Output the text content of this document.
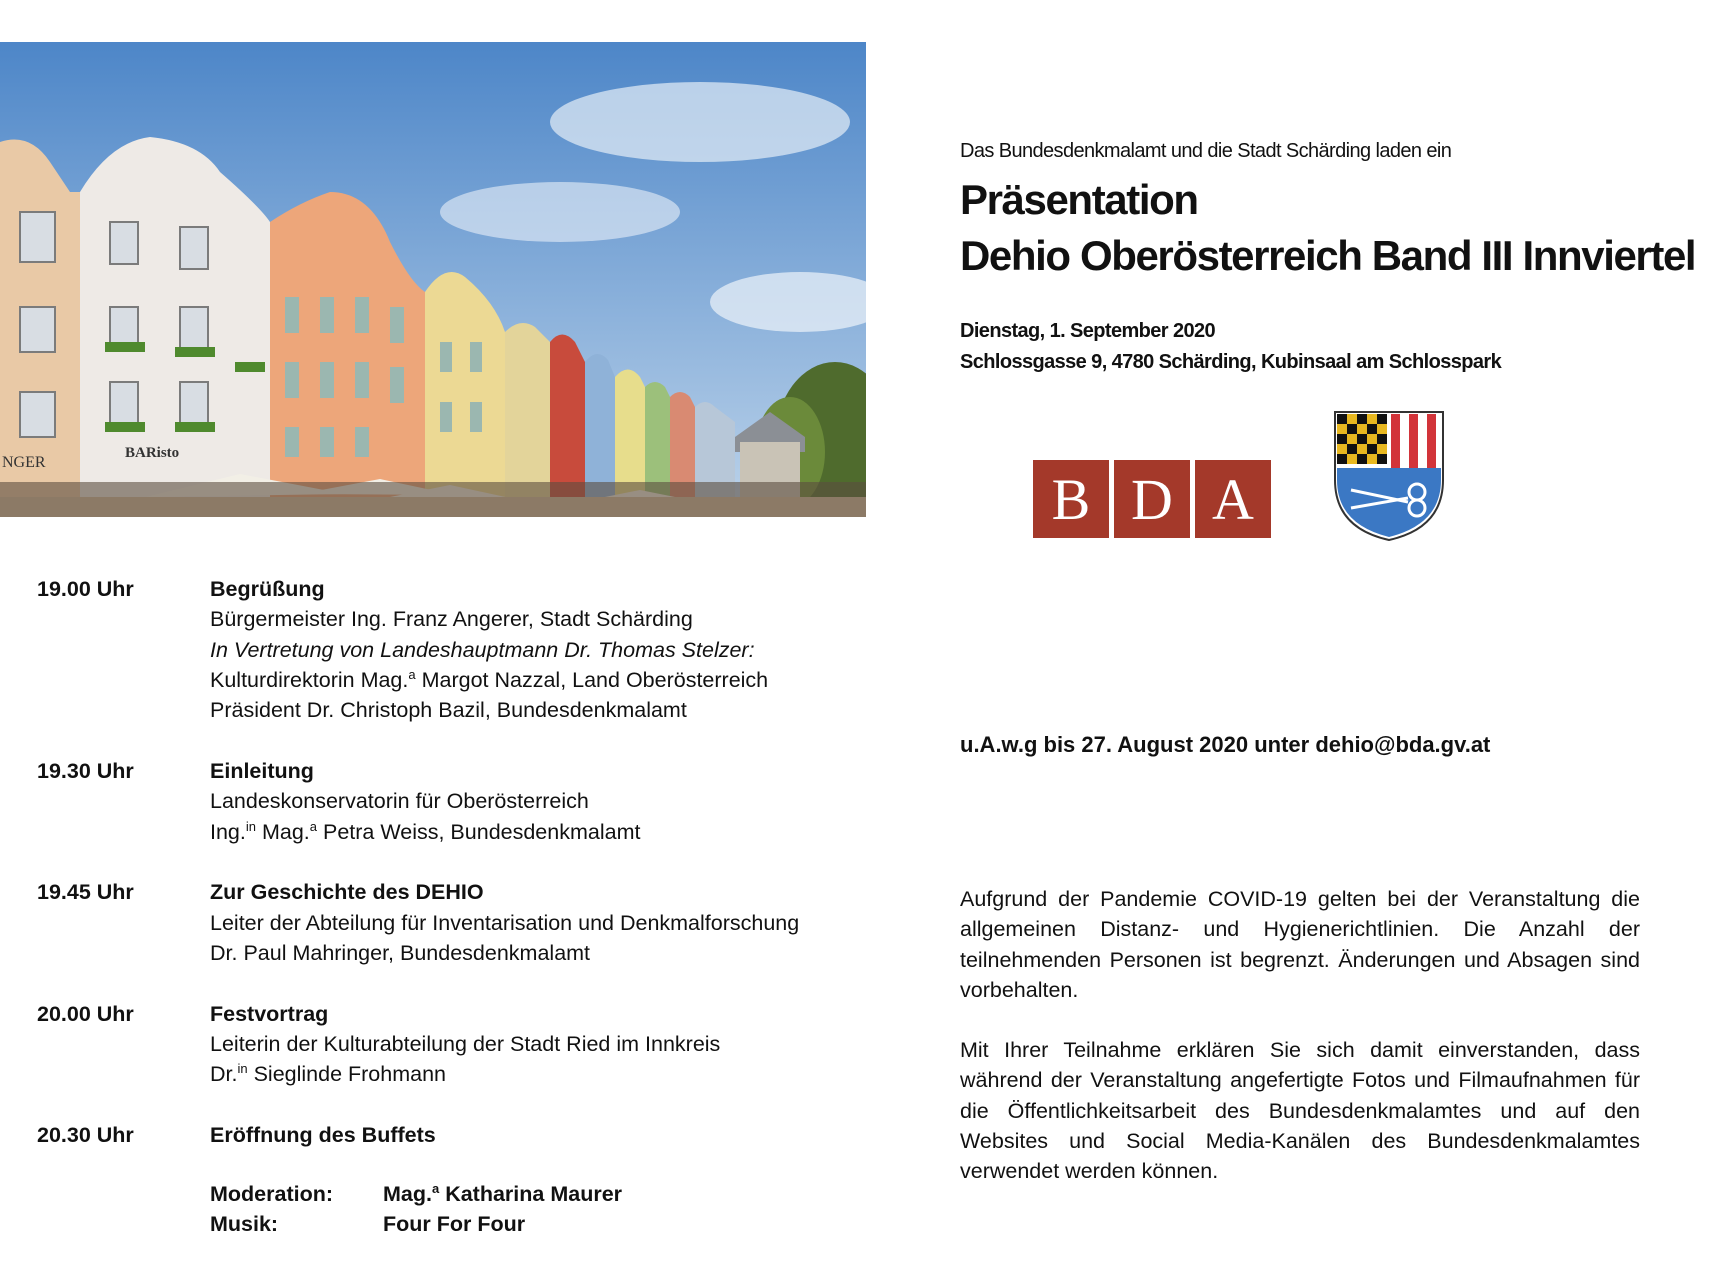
NGER
BARisto
Das Bundesdenkmalamt und die Stadt Schärding laden ein
Präsentation
Dehio Oberösterreich Band III Innviertel
Dienstag, 1. September 2020
Schlossgasse 9, 4780 Schärding, Kubinsaal am Schlosspark
B D A
u.A.w.g bis 27. August 2020 unter dehio@bda.gv.at

Aufgrund der Pandemie COVID-19 gelten bei der Veranstaltung die allgemeinen Distanz- und Hygienerichtlinien. Die Anzahl der teilnehmenden Personen ist begrenzt. Änderungen und Absagen sind vorbehalten.

Mit Ihrer Teilnahme erklären Sie sich damit einverstanden, dass während der Veranstaltung angefertigte Fotos und Filmaufnahmen für die Öffentlichkeitsarbeit des Bundesdenkmalamtes und auf den Websites und Social Media-Kanälen des Bundesdenkmalamtes verwendet werden können.

19.00 Uhr	Begrüßung
Bürgermeister Ing. Franz Angerer, Stadt Schärding
In Vertretung von Landeshauptmann Dr. Thomas Stelzer:
Kulturdirektorin Mag.$^a$ Margot Nazzal, Land Oberösterreich
Präsident Dr. Christoph Bazil, Bundesdenkmalamt
19.30 Uhr	Einleitung
Landeskonservatorin für Oberösterreich
Ing.$^{in}$ Mag.$^a$ Petra Weiss, Bundesdenkmalamt
19.45 Uhr	Zur Geschichte des DEHIO
Leiter der Abteilung für Inventarisation und Denkmalforschung
Dr. Paul Mahringer, Bundesdenkmalamt
20.00 Uhr	Festvortrag
Leiterin der Kulturabteilung der Stadt Ried im Innkreis
Dr.$^{in}$ Sieglinde Frohmann
20.30 Uhr	Eröffnung des Buffets
Moderation:	Mag.$^a$ Katharina Maurer
Musik:	Four For Four
